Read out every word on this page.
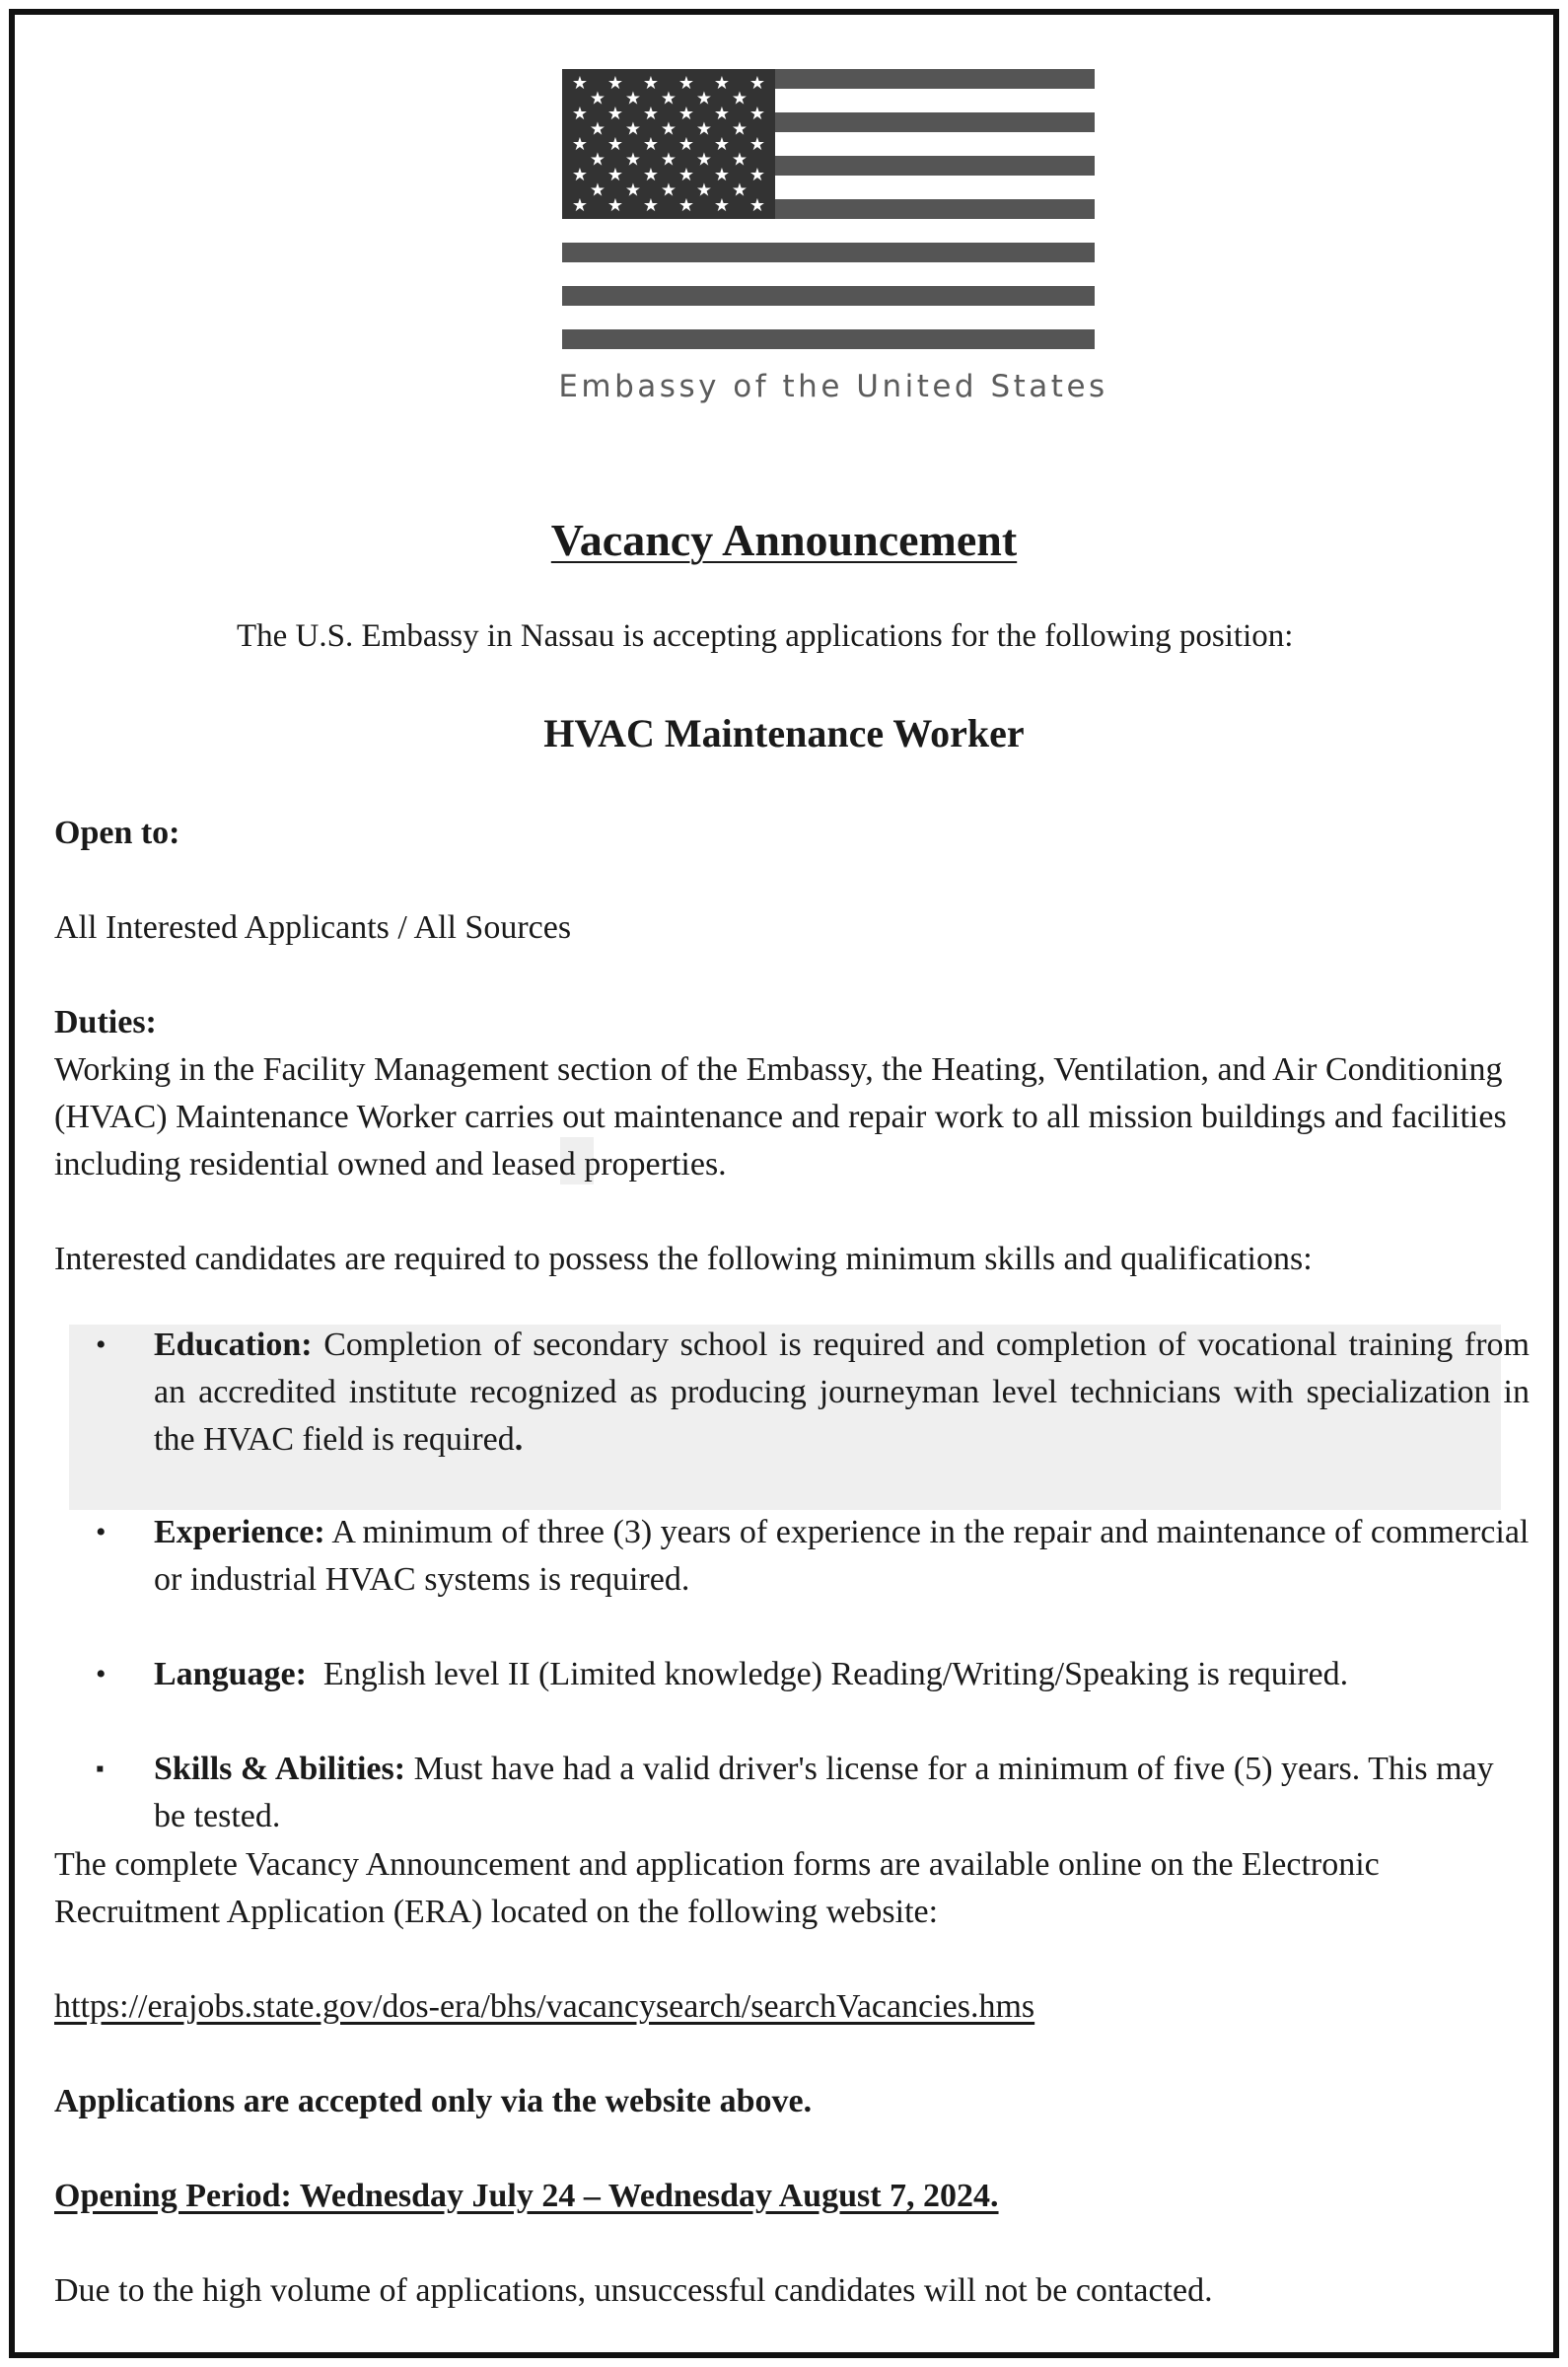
★ ★ ★ ★ ★ ★
★ ★ ★ ★ ★
★ ★ ★ ★ ★ ★
★ ★ ★ ★ ★
★ ★ ★ ★ ★ ★
★ ★ ★ ★ ★
★ ★ ★ ★ ★ ★
★ ★ ★ ★ ★
★ ★ ★ ★ ★ ★
Embassy of the United States
Vacancy Announcement
The U.S. Embassy in Nassau is accepting applications for the following position:
HVAC Maintenance Worker
Open to:
All Interested Applicants / All Sources
Duties:
Working in the Facility Management section of the Embassy, the Heating, Ventilation, and Air Conditioning (HVAC) Maintenance Worker carries out maintenance and repair work to all mission buildings and facilities including residential owned and leased properties.
Interested candidates are required to possess the following minimum skills and qualifications:
• Education: Completion of secondary school is required and completion of vocational training from an accredited institute recognized as producing journeyman level technicians with specialization in the HVAC field is required.
• Experience: A minimum of three (3) years of experience in the repair and maintenance of commercial or industrial HVAC systems is required.
• Language:  English level II (Limited knowledge) Reading/Writing/Speaking is required.
▪ Skills & Abilities: Must have had a valid driver's license for a minimum of five (5) years. This may be tested.
The complete Vacancy Announcement and application forms are available online on the Electronic Recruitment Application (ERA) located on the following website:
https://erajobs.state.gov/dos-era/bhs/vacancysearch/searchVacancies.hms
Applications are accepted only via the website above.
Opening Period: Wednesday July 24 – Wednesday August 7, 2024.
Due to the high volume of applications, unsuccessful candidates will not be contacted.
